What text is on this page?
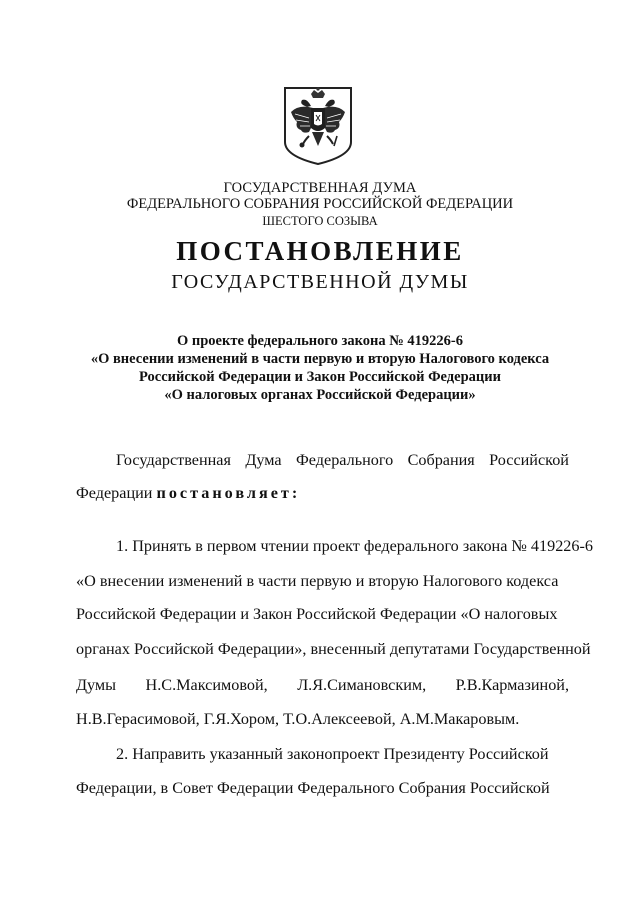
ГОСУДАРСТВЕННАЯ ДУМА
ФЕДЕРАЛЬНОГО СОБРАНИЯ РОССИЙСКОЙ ФЕДЕРАЦИИ
ШЕСТОГО СОЗЫВА
ПОСТАНОВЛЕНИЕ
ГОСУДАРСТВЕННОЙ ДУМЫ
О проекте федерального закона № 419226-6
«О внесении изменений в части первую и вторую Налогового кодекса
Российской Федерации и Закон Российской Федерации
«О налоговых органах Российской Федерации»
Государственная Дума Федерального Собрания Российской
Федерации постановляет:
1. Принять в первом чтении проект федерального закона № 419226-6
«О внесении изменений в части первую и вторую Налогового кодекса
Российской Федерации и Закон Российской Федерации «О налоговых
органах Российской Федерации», внесенный депутатами Государственной
Думы Н.С.Максимовой, Л.Я.Симановским, Р.В.Кармазиной,
Н.В.Герасимовой, Г.Я.Хором, Т.О.Алексеевой, А.М.Макаровым.
2. Направить указанный законопроект Президенту Российской
Федерации, в Совет Федерации Федерального Собрания Российской
